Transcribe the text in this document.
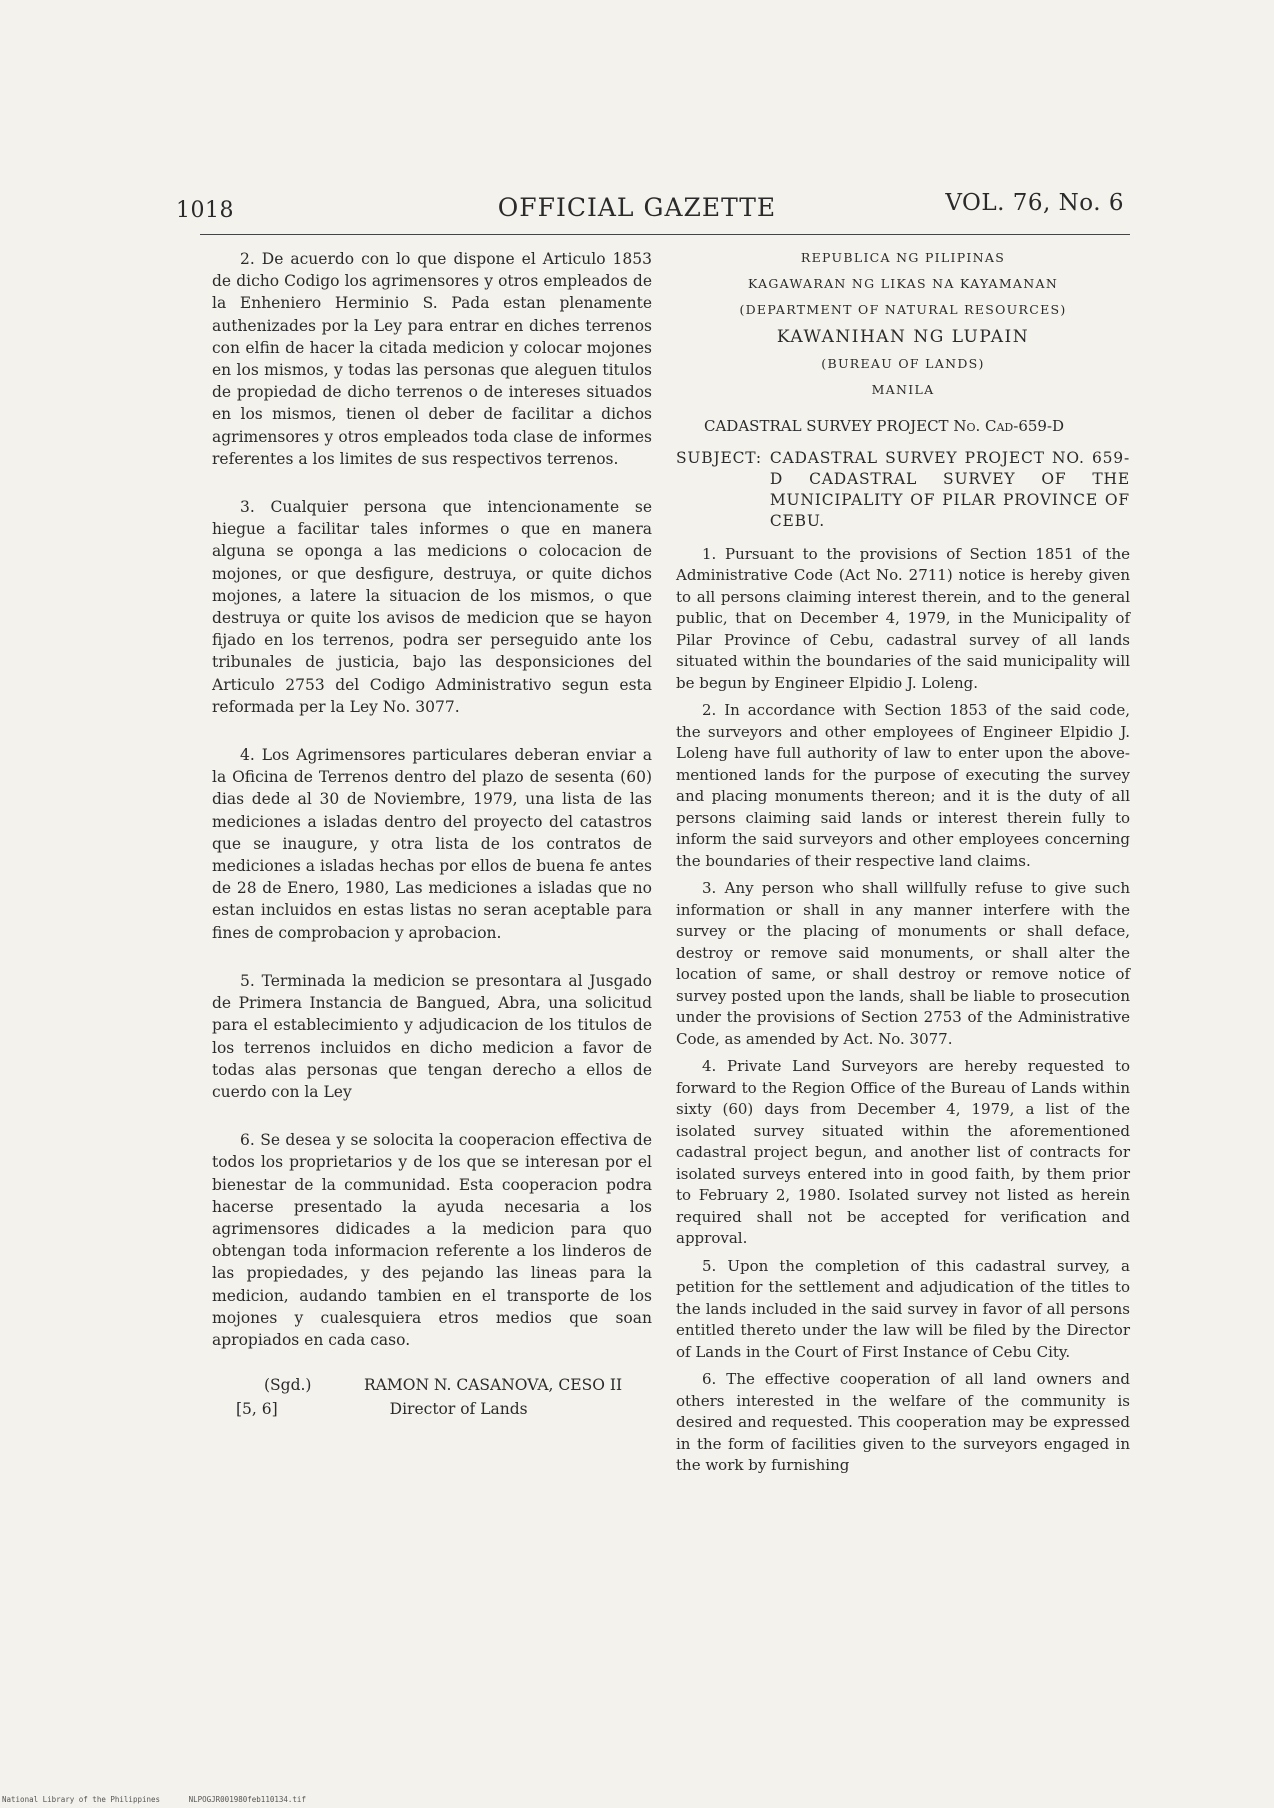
1018	OFFICIAL GAZETTE	VOL. 76, No. 6

2. De acuerdo con lo que dispone el Articulo 1853 de dicho Codigo los agrimensores y otros empleados de la Enheniero Herminio S. Pada estan plenamente authenizades por la Ley para entrar en diches terrenos con elfin de hacer la citada medicion y colocar mojones en los mismos, y todas las personas que aleguen titulos de propiedad de dicho terrenos o de intereses situados en los mismos, tienen ol deber de facilitar a dichos agrimensores y otros empleados toda clase de informes referentes a los limites de sus respectivos terrenos.

3. Cualquier persona que intencionamente se hiegue a facilitar tales informes o que en manera alguna se oponga a las medicions o colocacion de mojones, or que desfigure, destruya, or quite dichos mojones, a latere la situacion de los mismos, o que destruya or quite los avisos de medicion que se hayon fijado en los terrenos, podra ser perseguido ante los tribunales de justicia, bajo las desponsiciones del Articulo 2753 del Codigo Administrativo segun esta reformada per la Ley No. 3077.

4. Los Agrimensores particulares deberan enviar a la Oficina de Terrenos dentro del plazo de sesenta (60) dias dede al 30 de Noviembre, 1979, una lista de las mediciones a isladas dentro del proyecto del catastros que se inaugure, y otra lista de los contratos de mediciones a isladas hechas por ellos de buena fe antes de 28 de Enero, 1980, Las mediciones a isladas que no estan incluidos en estas listas no seran aceptable para fines de comprobacion y aprobacion.

5. Terminada la medicion se presontara al Jusgado de Primera Instancia de Bangued, Abra, una solicitud para el establecimiento y adjudicacion de los titulos de los terrenos incluidos en dicho medicion a favor de todas alas personas que tengan derecho a ellos de cuerdo con la Ley

6. Se desea y se solocita la cooperacion effectiva de todos los proprietarios y de los que se interesan por el bienestar de la communidad. Esta cooperacion podra hacerse presentado la ayuda necesaria a los agrimensores didicades a la medicion para quo obtengan toda informacion referente a los linderos de las propiedades, y des pejando las lineas para la medicion, audando tambien en el transporte de los mojones y cualesquiera etros medios que soan apropiados en cada caso.

(Sgd.)	RAMON N. CASANOVA, CESO II
[5, 6]	Director of Lands

REPUBLICA NG PILIPINAS

KAGAWARAN NG LIKAS NA KAYAMANAN

(DEPARTMENT OF NATURAL RESOURCES)

KAWANIHAN NG LUPAIN

(BUREAU OF LANDS)

MANILA

CADASTRAL SURVEY PROJECT No. Cad-659-D

SUBJECT: CADASTRAL SURVEY PROJECT NO. 659-D CADASTRAL SURVEY OF THE MUNICIPALITY OF PILAR PROVINCE OF CEBU.

1. Pursuant to the provisions of Section 1851 of the Administrative Code (Act No. 2711) notice is hereby given to all persons claiming interest therein, and to the general public, that on December 4, 1979, in the Municipality of Pilar Province of Cebu, cadastral survey of all lands situated within the boundaries of the said municipality will be begun by Engineer Elpidio J. Loleng.

2. In accordance with Section 1853 of the said code, the surveyors and other employees of Engineer Elpidio J. Loleng have full authority of law to enter upon the above-mentioned lands for the purpose of executing the survey and placing monuments thereon; and it is the duty of all persons claiming said lands or interest therein fully to inform the said surveyors and other employees concerning the boundaries of their respective land claims.

3. Any person who shall willfully refuse to give such information or shall in any manner interfere with the survey or the placing of monuments or shall deface, destroy or remove said monuments, or shall alter the location of same, or shall destroy or remove notice of survey posted upon the lands, shall be liable to prosecution under the provisions of Section 2753 of the Administrative Code, as amended by Act. No. 3077.

4. Private Land Surveyors are hereby requested to forward to the Region Office of the Bureau of Lands within sixty (60) days from December 4, 1979, a list of the isolated survey situated within the aforementioned cadastral project begun, and another list of contracts for isolated surveys entered into in good faith, by them prior to February 2, 1980. Isolated survey not listed as herein required shall not be accepted for verification and approval.

5. Upon the completion of this cadastral survey, a petition for the settlement and adjudication of the titles to the lands included in the said survey in favor of all persons entitled thereto under the law will be filed by the Director of Lands in the Court of First Instance of Cebu City.

6. The effective cooperation of all land owners and others interested in the welfare of the community is desired and requested. This cooperation may be expressed in the form of facilities given to the surveyors engaged in the work by furnishing

National Library of the Philippines	NLPOGJR001980feb110134.tif
